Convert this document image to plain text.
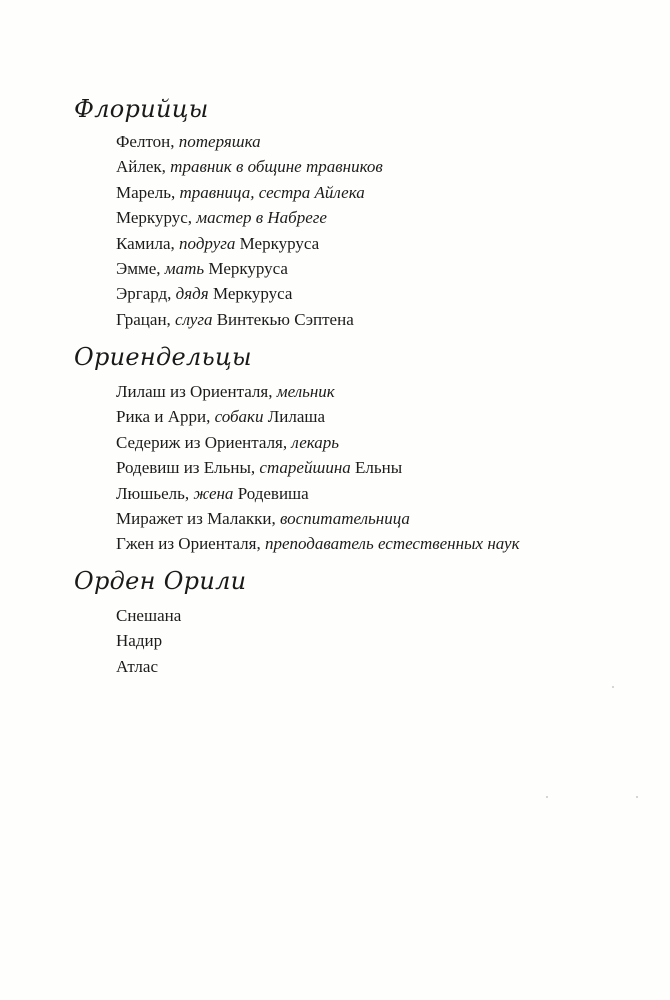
Флорийцы
Фелтон, потеряшка
Айлек, травник в общине травников
Марель, травница, сестра Айлека
Меркурус, мастер в Набреге
Камила, подруга Меркуруса
Эмме, мать Меркуруса
Эргард, дядя Меркуруса
Грацан, слуга Винтекью Сэптена
Ориендельцы
Лилаш из Ориенталя, мельник
Рика и Арри, собаки Лилаша
Седериж из Ориенталя, лекарь
Родевиш из Ельны, старейшина Ельны
Люшьель, жена Родевиша
Миражет из Малакки, воспитательница
Гжен из Ориенталя, преподаватель естественных наук
Орден Орили
Снешана
Надир
Атлас
